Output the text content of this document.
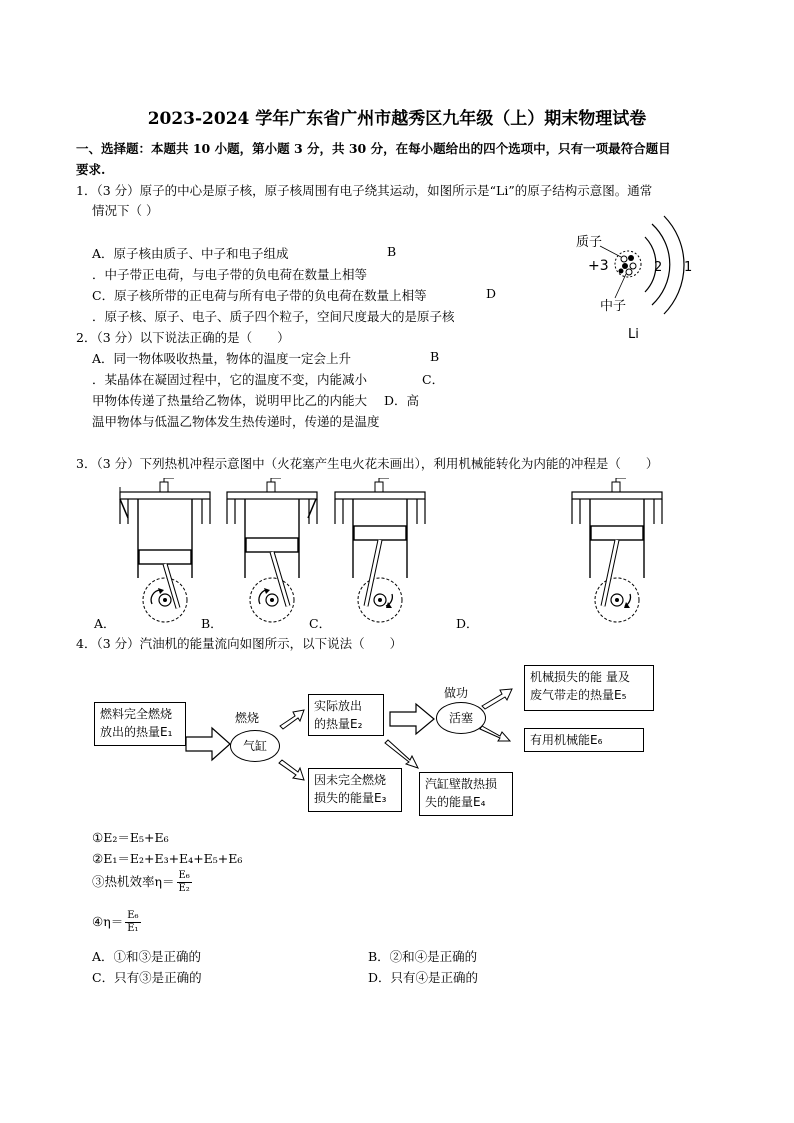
2023-2024 学年广东省广州市越秀区九年级（上）期末物理试卷
一、选择题：本题共 10 小题，第小题 3 分，共 30 分，在每小题给出的四个选项中，只有一项最符合题目
要求.
1．（3 分）原子的中心是原子核，原子核周围有电子绕其运动，如图所示是“Li”的原子结构示意图。通常
情况下（ ）
A．原子核由质子、中子和电子组成	B
．中子带正电荷，与电子带的负电荷在数量上相等
C．原子核所带的正电荷与所有电子带的负电荷在数量上相等	D
．原子核、原子、电子、质子四个粒子，空间尺度最大的是原子核
质子
+3	2 1
中子
Li
2．（3 分）以下说法正确的是（　　）
A．同一物体吸收热量，物体的温度一定会上升	B
．某晶体在凝固过程中，它的温度不变，内能减小	C．
甲物体传递了热量给乙物体，说明甲比乙的内能大 D．高
温甲物体与低温乙物体发生热传递时，传递的是温度
3．（3 分）下列热机冲程示意图中（火花塞产生电火花未画出），利用机械能转化为内能的冲程是（　　）
A．	B．	C．	D．
4．（3 分）汽油机的能量流向如图所示，以下说法（　　）
燃料完全燃烧
放出的热量E₁
燃烧
气缸
实际放出
的热量E₂
因未完全燃烧
损失的能量E₃
做功
活塞
汽缸壁散热损
失的能量E₄
机械损失的能 量及
废气带走的热量E₅
有用机械能E₆
①E₂＝E₅+E₆
②E₁＝E₂+E₃+E₄+E₅+E₆
③热机效率$\eta= \frac{\text{E₆}}{\text{E₂}}$
④η＝ $\frac{\text{E₆}}{\text{E₁}}$
A．①和③是正确的	B．②和④是正确的
C．只有③是正确的	D．只有④是正确的
